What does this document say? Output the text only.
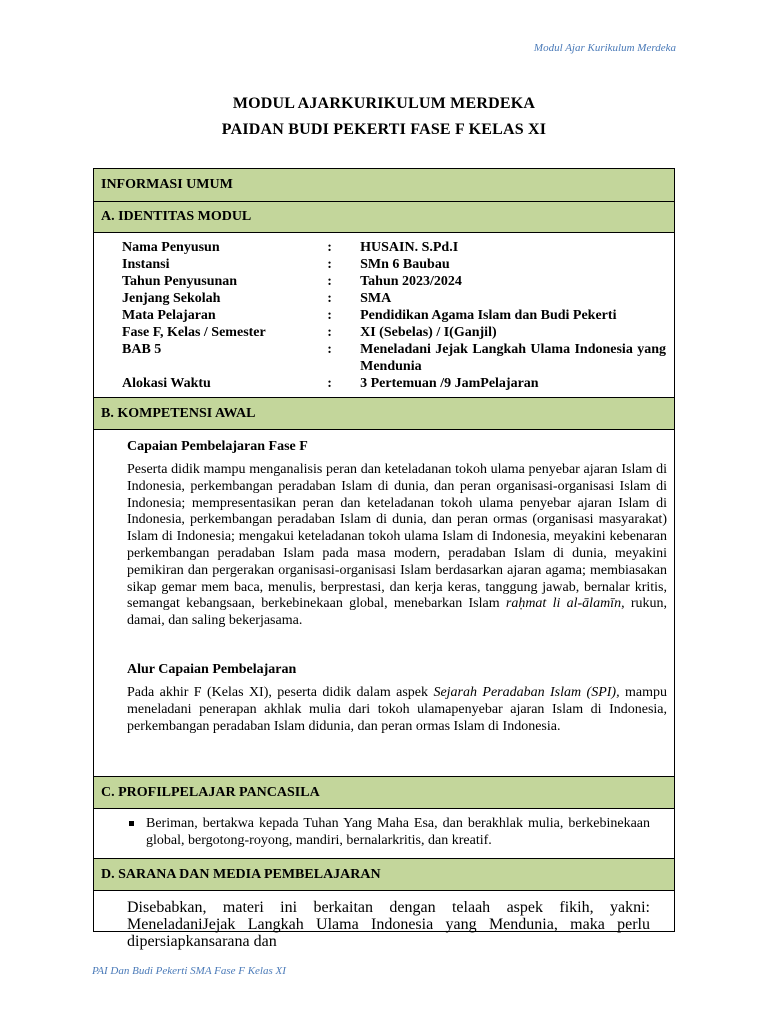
Modul Ajar Kurikulum Merdeka
MODUL AJARKURIKULUM MERDEKA
PAIDAN BUDI PEKERTI FASE F KELAS XI
INFORMASI UMUM
A. IDENTITAS MODUL
Nama Penyusun	:	HUSAIN. S.Pd.I
Instansi	:	SMn 6 Baubau
Tahun Penyusunan	:	Tahun 2023/2024
Jenjang Sekolah	:	SMA
Mata Pelajaran	:	Pendidikan Agama Islam dan Budi Pekerti
Fase F, Kelas / Semester	:	XI (Sebelas) / I(Ganjil)
BAB 5	:	Meneladani Jejak Langkah Ulama Indonesia yang Mendunia
Alokasi Waktu	:	3 Pertemuan /9 JamPelajaran
B. KOMPETENSI AWAL

Capaian Pembelajaran Fase F

Peserta didik mampu menganalisis peran dan keteladanan tokoh ulama penyebar ajaran Islam di Indonesia, perkembangan peradaban Islam di dunia, dan peran organisasi-organisasi Islam di Indonesia; mempresentasikan peran dan keteladanan tokoh ulama penyebar ajaran Islam di Indonesia, perkembangan peradaban Islam di dunia, dan peran ormas (organisasi masyarakat) Islam di Indonesia; mengakui keteladanan tokoh ulama Islam di Indonesia, meyakini kebenaran perkembangan peradaban Islam pada masa modern, peradaban Islam di dunia, meyakini pemikiran dan pergerakan organisasi-organisasi Islam berdasarkan ajaran agama; membiasakan sikap gemar mem baca, menulis, berprestasi, dan kerja keras, tanggung jawab, bernalar kritis, semangat kebangsaan, berkebinekaan global, menebarkan Islam raḥmat li al-ālamīn, rukun, damai, dan saling bekerjasama.

Alur Capaian Pembelajaran

Pada akhir F (Kelas XI), peserta didik dalam aspek Sejarah Peradaban Islam (SPI), mampu meneladani penerapan akhlak mulia dari tokoh ulamapenyebar ajaran Islam di Indonesia, perkembangan peradaban Islam didunia, dan peran ormas Islam di Indonesia.

C. PROFILPELAJAR PANCASILA
Beriman, bertakwa kepada Tuhan Yang Maha Esa, dan berakhlak mulia, berkebinekaan global, bergotong-royong, mandiri, bernalarkritis, dan kreatif.
D. SARANA DAN MEDIA PEMBELAJARAN
Disebabkan, materi ini berkaitan dengan telaah aspek fikih, yakni: MeneladaniJejak Langkah Ulama Indonesia yang Mendunia, maka perlu dipersiapkansarana dan
PAI Dan Budi Pekerti SMA Fase F Kelas XI
